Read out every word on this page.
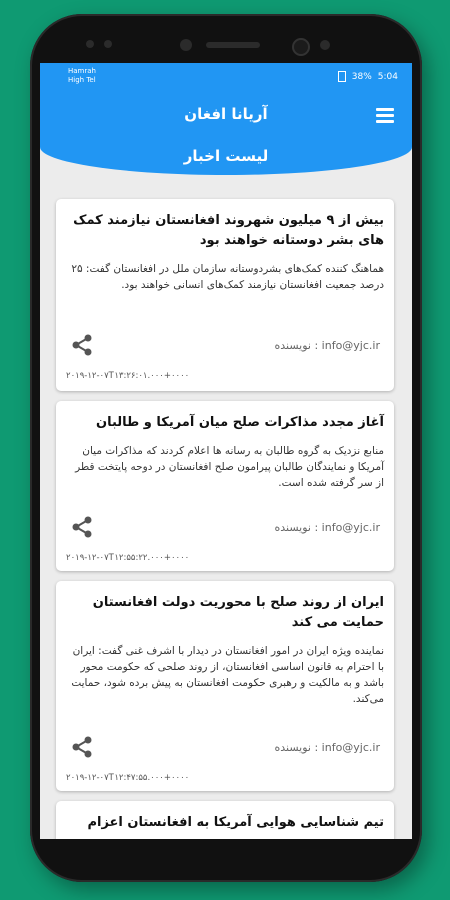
Hamrah
High Tel	38% 5:04
آریانا افغان
لیست اخبار
بیش از ۹ میلیون شهروند افغانستان نیازمند کمک های بشر دوستانه خواهند بود
هماهنگ کننده کمک‌های بشردوستانه سازمان ملل در افغانستان گفت: ۲۵ درصد جمعیت افغانستان نیازمند کمک‌های انسانی خواهند بود.
نویسنده : info@yjc.ir
۲۰۱۹-۱۲-۰۷T۱۳:۲۶:۰۱.۰۰۰+۰۰۰۰
آغاز مجدد مذاکرات صلح میان آمریکا و طالبان
منابع نزدیک به گروه طالبان به رسانه ها اعلام کردند که مذاکرات میان آمریکا و نمایندگان طالبان پیرامون صلح افغانستان در دوحه پایتخت قطر از سر گرفته شده است.
نویسنده : info@yjc.ir
۲۰۱۹-۱۲-۰۷T۱۲:۵۵:۲۲.۰۰۰+۰۰۰۰
ایران از روند صلح با محوریت دولت افغانستان حمایت می کند
نماینده ویژه ایران در امور افغانستان در دیدار با اشرف غنی گفت: ایران با احترام به قانون اساسی افغانستان، از روند صلحی که حکومت محور باشد و به مالکیت و رهبری حکومت افغانستان به پیش برده شود، حمایت می‌کند.
نویسنده : info@yjc.ir
۲۰۱۹-۱۲-۰۷T۱۲:۴۷:۵۵.۰۰۰+۰۰۰۰
تیم شناسایی هوایی آمریکا به افغانستان اعزام
